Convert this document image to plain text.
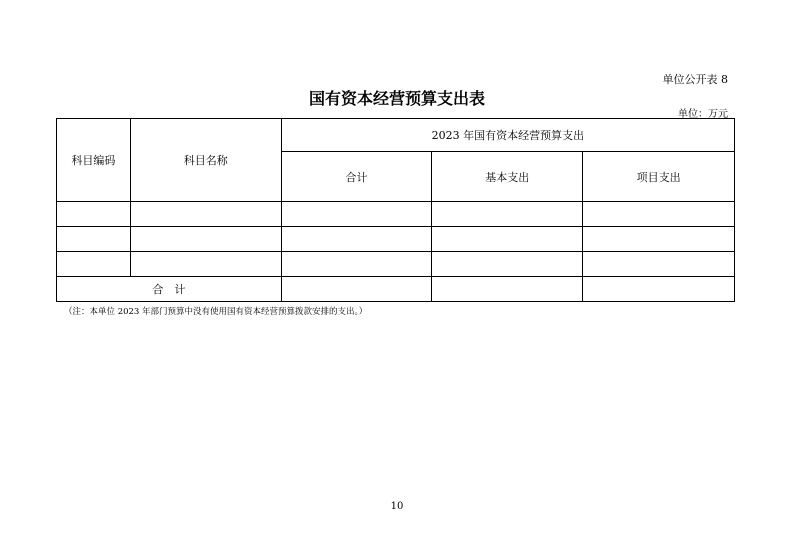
单位公开表 8
国有资本经营预算支出表
单位：万元
科目编码	科目名称	2023 年国有资本经营预算支出		
		合计	基本支出	项目支出

合　计				
（注：本单位 2023 年部门预算中没有使用国有资本经营预算拨款安排的支出。）
10
